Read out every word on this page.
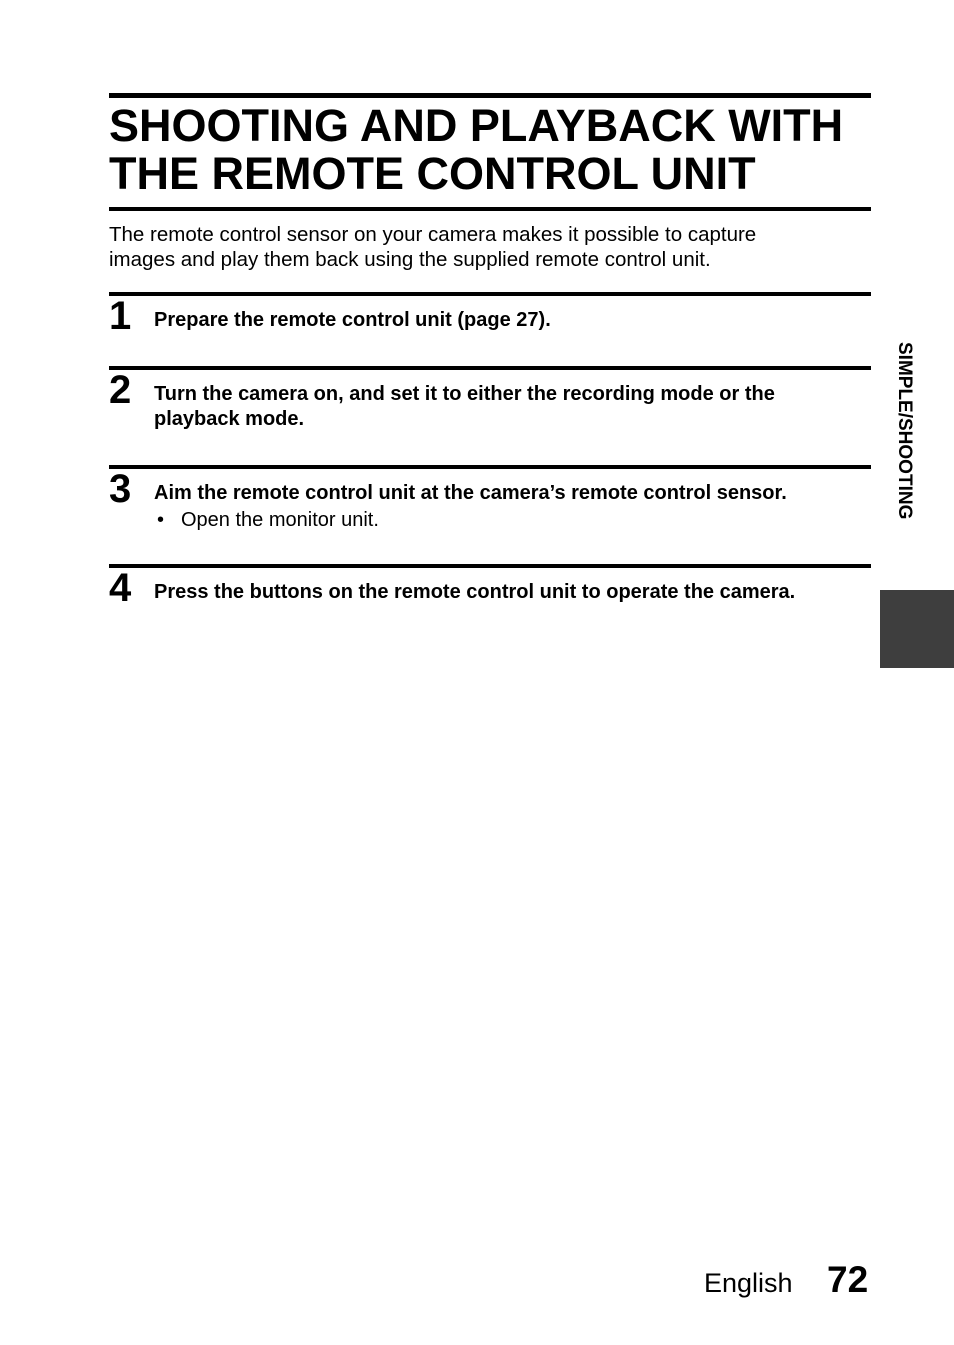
SHOOTING AND PLAYBACK WITH
THE REMOTE CONTROL UNIT

The remote control sensor on your camera makes it possible to capture
images and play them back using the supplied remote control unit.

1 Prepare the remote control unit (page 27).
2 Turn the camera on, and set it to either the recording mode or the
playback mode.
3 Aim the remote control unit at the camera’s remote control sensor.
• Open the monitor unit.
4 Press the buttons on the remote control unit to operate the camera.
SIMPLE/SHOOTING
English 72
